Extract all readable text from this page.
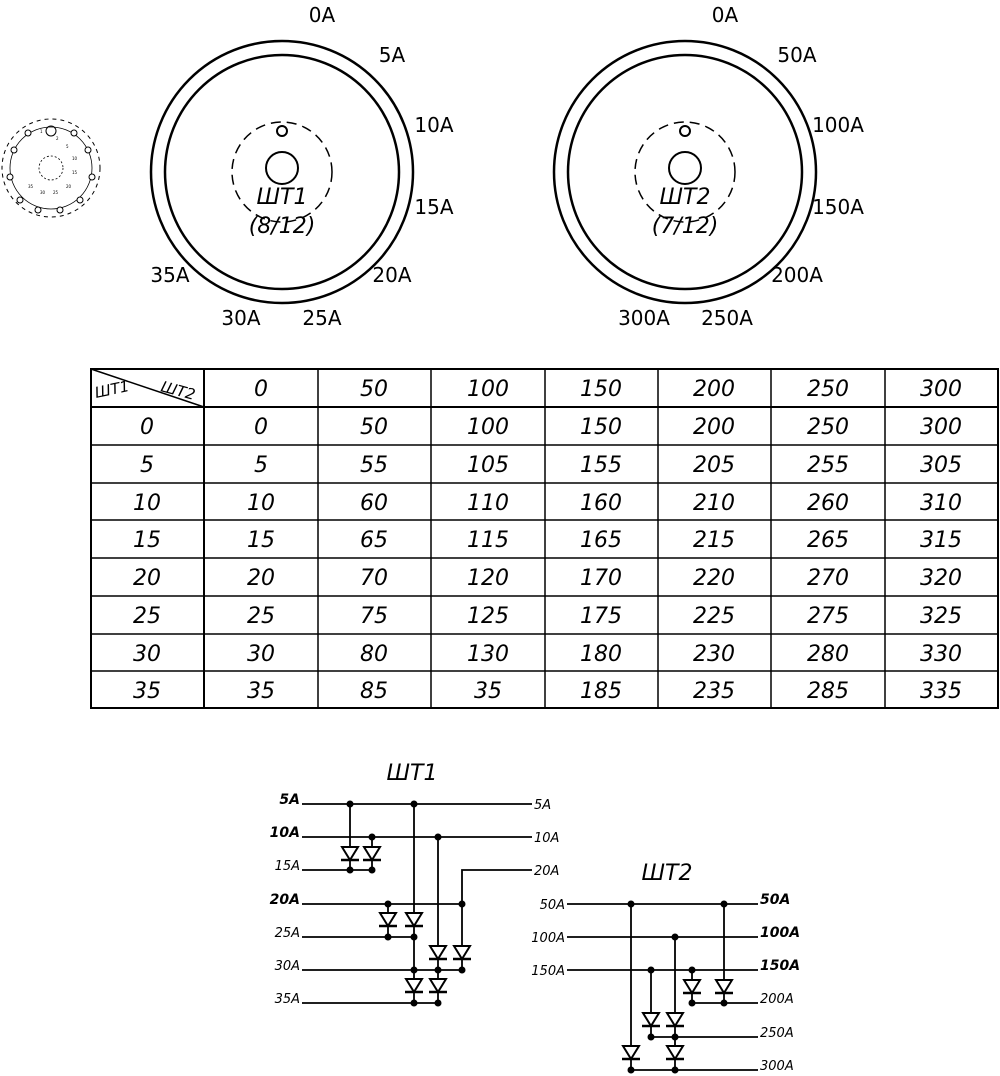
1
2
5
10
15
20
25
30
35	ШТ1
(8/12)
0A
5A
10A
15A
20A
25A
30A
35A
ШТ2
(7/12)
0A
50A
100A
150A
200A
250A
300A
ШТ1 ШТ2	0	50	100	150	200	250	300
0	0	50	100	150	200	250	300
5	5	55	105	155	205	255	305
10	10	60	110	160	210	260	310
15	15	65	115	165	215	265	315
20	20	70	120	170	220	270	320
25	25	75	125	175	225	275	325
30	30	80	130	180	230	280	330
35	35	85	35	185	235	285	335
ШТ1
5A
10A
15A
20A
25A
30A
35A
5A
10A
20A	ШТ2
50A
100A
150A
50A
100A
150A
200A
250A
300A
